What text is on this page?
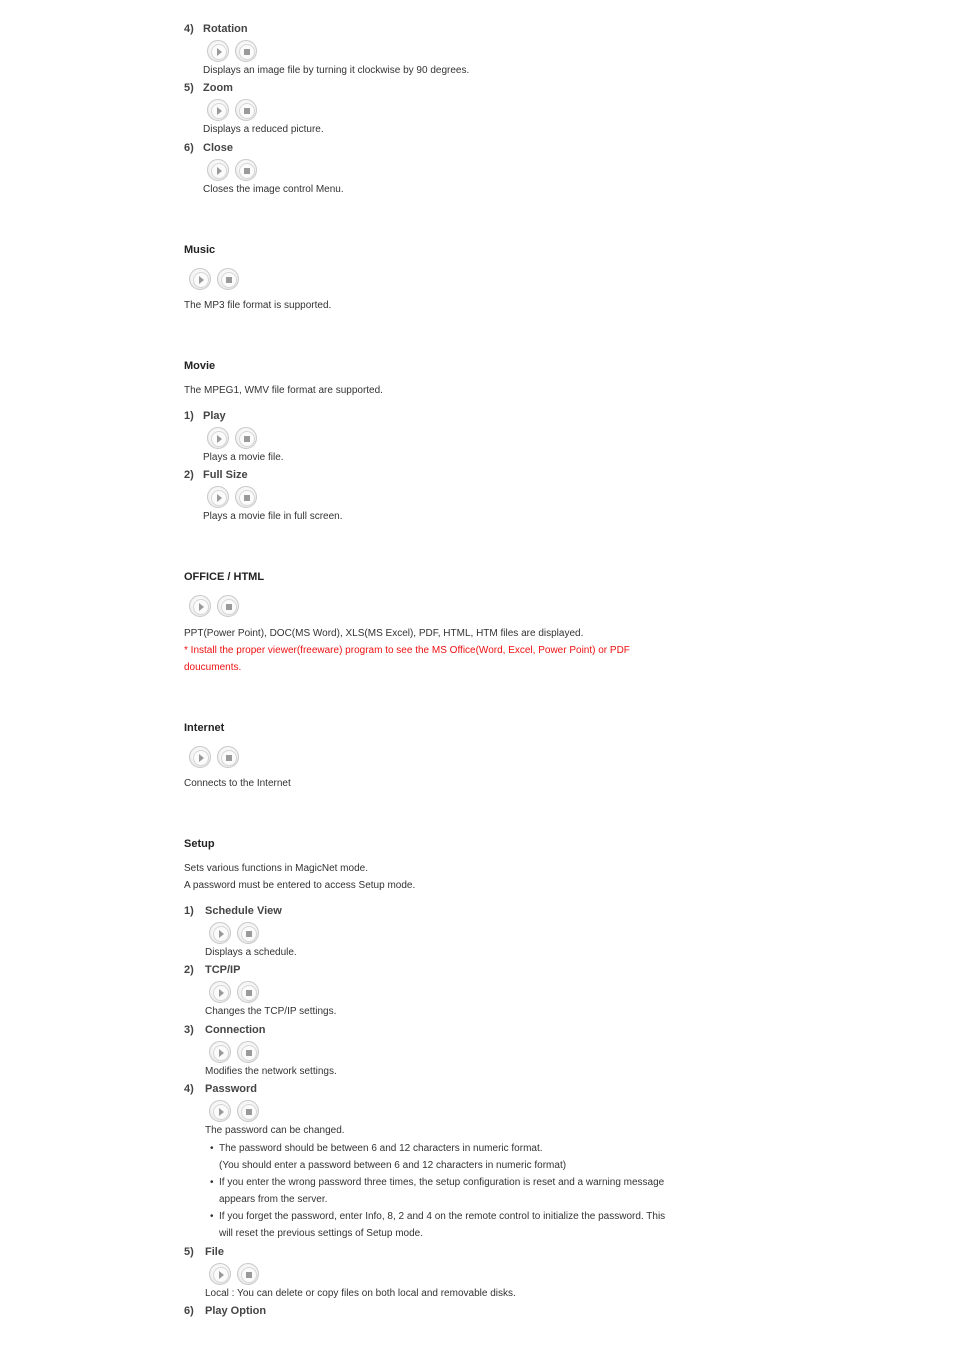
4) Rotation
Displays an image file by turning it clockwise by 90 degrees.
5) Zoom
Displays a reduced picture.
6) Close
Closes the image control Menu.
Music
The MP3 file format is supported.
Movie
The MPEG1, WMV file format are supported.
1) Play
Plays a movie file.
2) Full Size
Plays a movie file in full screen.
OFFICE / HTML
PPT(Power Point), DOC(MS Word), XLS(MS Excel), PDF, HTML, HTM files are displayed.
* Install the proper viewer(freeware) program to see the MS Office(Word, Excel, Power Point) or PDF
doucuments.
Internet
Connects to the Internet
Setup
Sets various functions in MagicNet mode.
A password must be entered to access Setup mode.
1) Schedule View
Displays a schedule.
2) TCP/IP
Changes the TCP/IP settings.
3) Connection
Modifies the network settings.
4) Password
The password can be changed.
• The password should be between 6 and 12 characters in numeric format.
(You should enter a password between 6 and 12 characters in numeric format)
• If you enter the wrong password three times, the setup configuration is reset and a warning message
appears from the server.
• If you forget the password, enter Info, 8, 2 and 4 on the remote control to initialize the password. This
will reset the previous settings of Setup mode.
5) File
Local : You can delete or copy files on both local and removable disks.
6) Play Option
